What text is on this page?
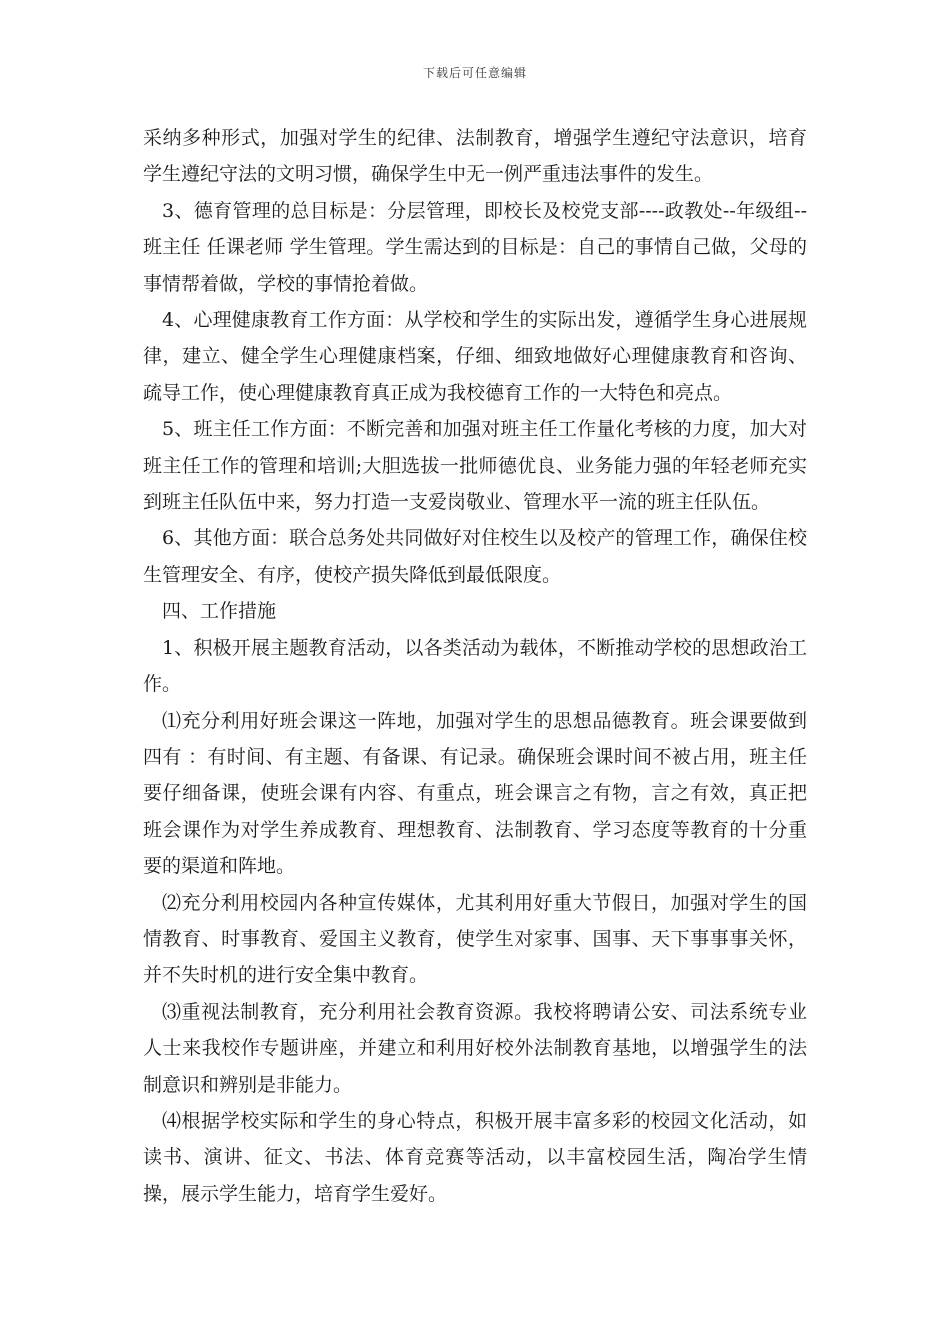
下载后可任意编辑

采纳多种形式，加强对学生的纪律、法制教育，增强学生遵纪守法意识，培育学生遵纪守法的文明习惯，确保学生中无一例严重违法事件的发生。

3、德育管理的总目标是：分层管理，即校长及校党支部----政教处--年级组--班主任 任课老师 学生管理。学生需达到的目标是：自己的事情自己做，父母的事情帮着做，学校的事情抢着做。

4、心理健康教育工作方面：从学校和学生的实际出发，遵循学生身心进展规律，建立、健全学生心理健康档案，仔细、细致地做好心理健康教育和咨询、疏导工作，使心理健康教育真正成为我校德育工作的一大特色和亮点。

5、班主任工作方面：不断完善和加强对班主任工作量化考核的力度，加大对班主任工作的管理和培训;大胆选拔一批师德优良、业务能力强的年轻老师充实到班主任队伍中来，努力打造一支爱岗敬业、管理水平一流的班主任队伍。

6、其他方面：联合总务处共同做好对住校生以及校产的管理工作，确保住校生管理安全、有序，使校产损失降低到最低限度。

四、工作措施

1、积极开展主题教育活动，以各类活动为载体，不断推动学校的思想政治工作。

⑴充分利用好班会课这一阵地，加强对学生的思想品德教育。班会课要做到四有 ：有时间、有主题、有备课、有记录。确保班会课时间不被占用，班主任要仔细备课，使班会课有内容、有重点，班会课言之有物，言之有效，真正把班会课作为对学生养成教育、理想教育、法制教育、学习态度等教育的十分重要的渠道和阵地。

⑵充分利用校园内各种宣传媒体，尤其利用好重大节假日，加强对学生的国情教育、时事教育、爱国主义教育，使学生对家事、国事、天下事事事关怀，并不失时机的进行安全集中教育。

⑶重视法制教育，充分利用社会教育资源。我校将聘请公安、司法系统专业人士来我校作专题讲座，并建立和利用好校外法制教育基地，以增强学生的法制意识和辨别是非能力。

⑷根据学校实际和学生的身心特点，积极开展丰富多彩的校园文化活动，如读书、演讲、征文、书法、体育竞赛等活动，以丰富校园生活，陶冶学生情操，展示学生能力，培育学生爱好。
